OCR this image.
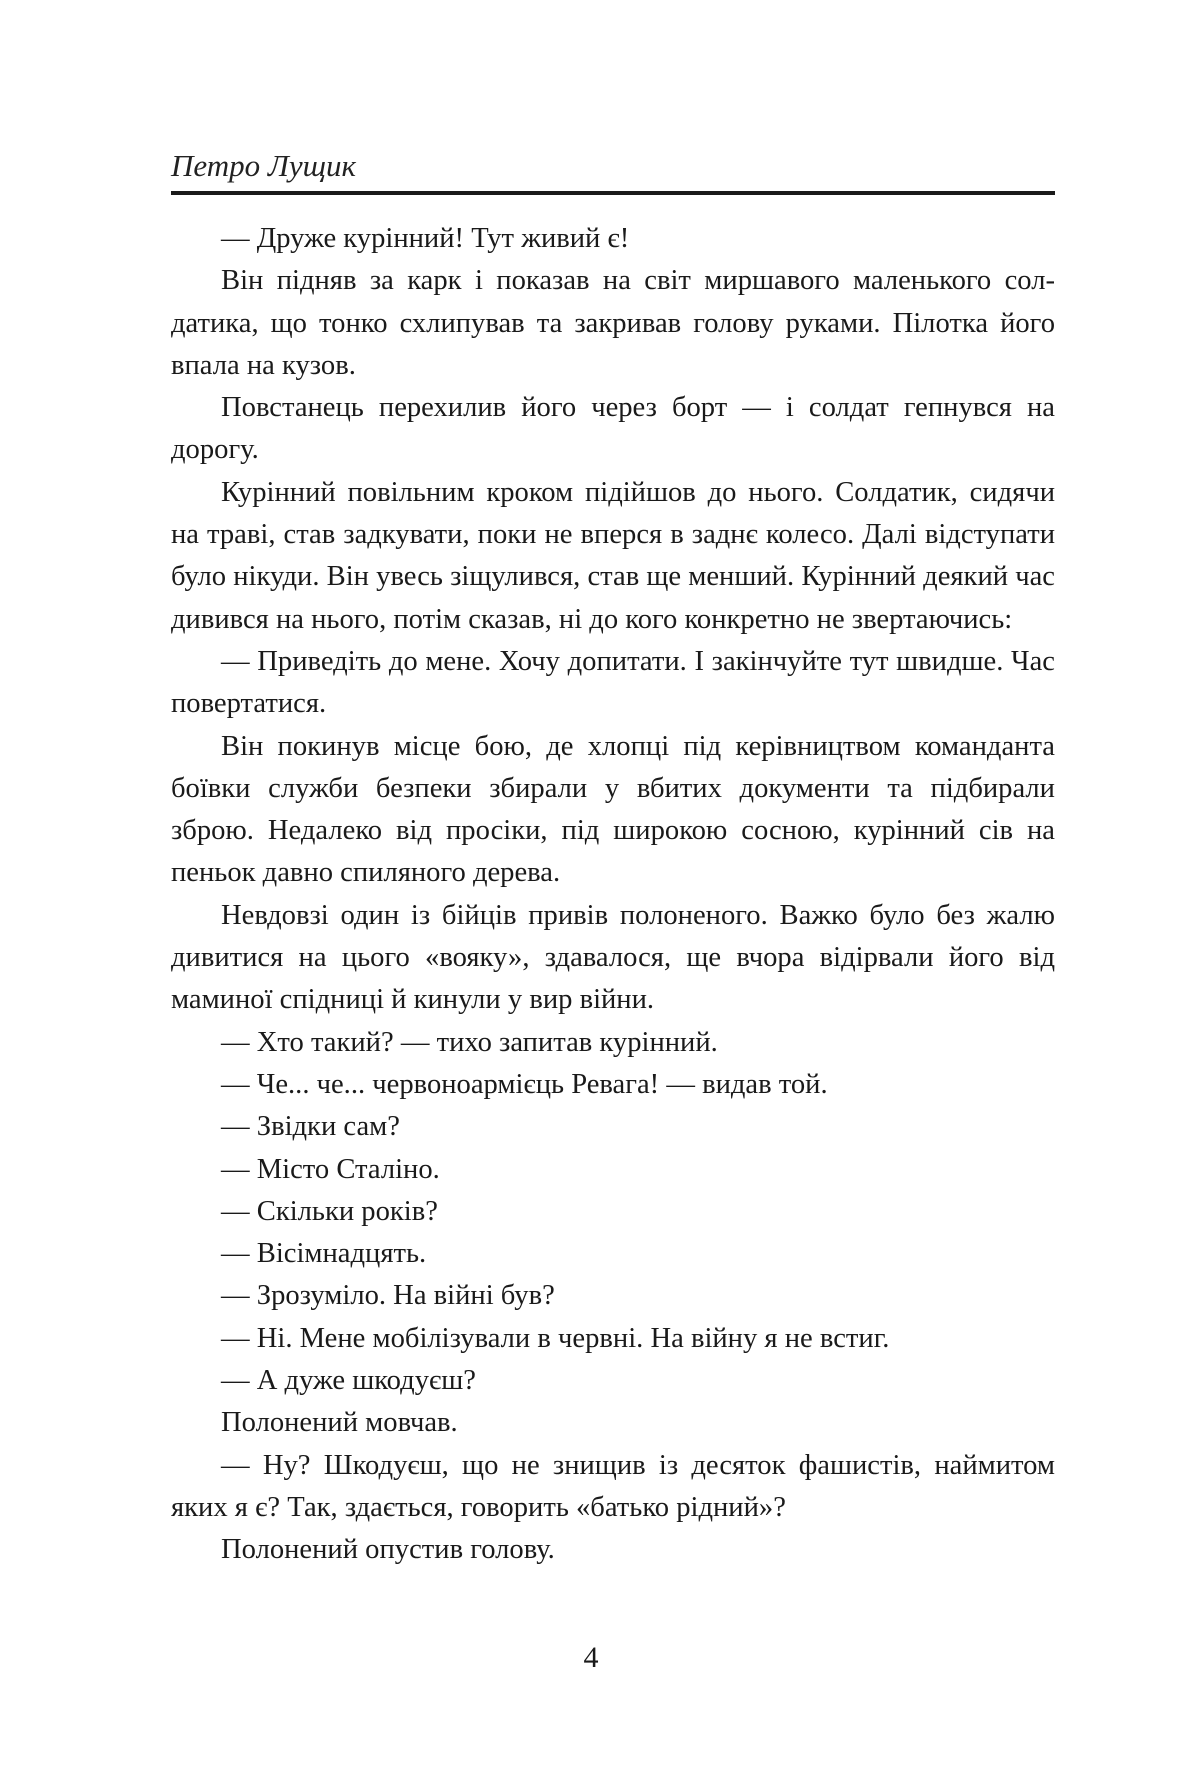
Петро Лущик

— Друже курінний! Тут живий є!

Він підняв за карк і показав на світ миршавого маленького солдатика, що тонко схлипував та закривав голову руками. Пілотка його впала на кузов.

Повстанець перехилив його через борт — і солдат гепнувся на дорогу.

Курінний повільним кроком підійшов до нього. Солдатик, сидячи на траві, став задкувати, поки не вперся в заднє колесо. Далі відступати було нікуди. Він увесь зіщулився, став ще менший. Курінний деякий час дивився на нього, потім сказав, ні до кого конкретно не звертаючись:

— Приведіть до мене. Хочу допитати. І закінчуйте тут швидше. Час повертатися.

Він покинув місце бою, де хлопці під керівництвом команданта боївки служби безпеки збирали у вбитих документи та підбирали зброю. Недалеко від просіки, під широкою сосною, курінний сів на пеньок давно спиляного дерева.

Невдовзі один із бійців привів полоненого. Важко було без жалю дивитися на цього «вояку», здавалося, ще вчора відірвали його від маминої спідниці й кинули у вир війни.

— Хто такий? — тихо запитав курінний.

— Че... че... червоноармієць Ревага! — видав той.

— Звідки сам?

— Місто Сталіно.

— Скільки років?

— Вісімнадцять.

— Зрозуміло. На війні був?

— Ні. Мене мобілізували в червні. На війну я не встиг.

— А дуже шкодуєш?

Полонений мовчав.

— Ну? Шкодуєш, що не знищив із десяток фашистів, наймитом яких я є? Так, здається, говорить «батько рідний»?

Полонений опустив голову.

4
